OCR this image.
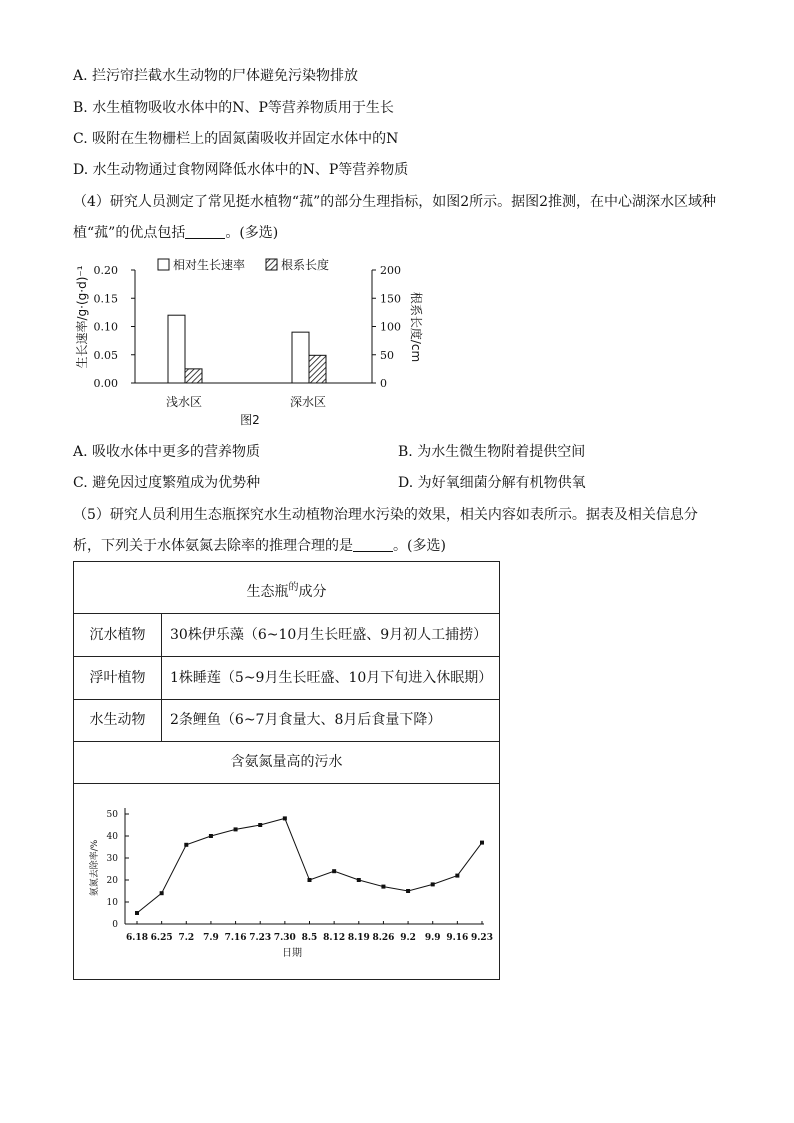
A. 拦污帘拦截水生动物的尸体避免污染物排放
B. 水生植物吸收水体中的N、P等营养物质用于生长
C. 吸附在生物栅栏上的固氮菌吸收并固定水体中的N
D. 水生动物通过食物网降低水体中的N、P等营养物质
（4）研究人员测定了常见挺水植物“菰”的部分生理指标，如图2所示。据图2推测，在中心湖深水区域种
植“菰”的优点包括	。(多选)
生长速率/g·(g·d)⁻¹	根系长度/cm
0.00
0.05
0.10
0.15
0.20
0
50
100
150
200
相对生长速率	根系长度
浅水区	深水区
图2
A. 吸收水体中更多的营养物质	B. 为水生微生物附着提供空间
C. 避免因过度繁殖成为优势种	D. 为好氧细菌分解有机物供氧
（5）研究人员利用生态瓶探究水生动植物治理水污染的效果，相关内容如表所示。据表及相关信息分
析，下列关于水体氨氮去除率的推理合理的是	。(多选)
生态瓶$^的$成分
沉水植物	30株伊乐藻（6~10月生长旺盛、9月初人工捕捞）
浮叶植物	1株睡莲（5~9月生长旺盛、10月下旬进入休眠期）
水生动物	2条鲤鱼（6~7月食量大、8月后食量下降）
含氨氮量高的污水
氨氮去除率/%
0
10
20
30
40
50
6.18 6.25 7.2 7.9 7.16 7.23 7.30 8.5 8.12 8.19 8.26 9.2 9.9 9.16 9.23
日期
